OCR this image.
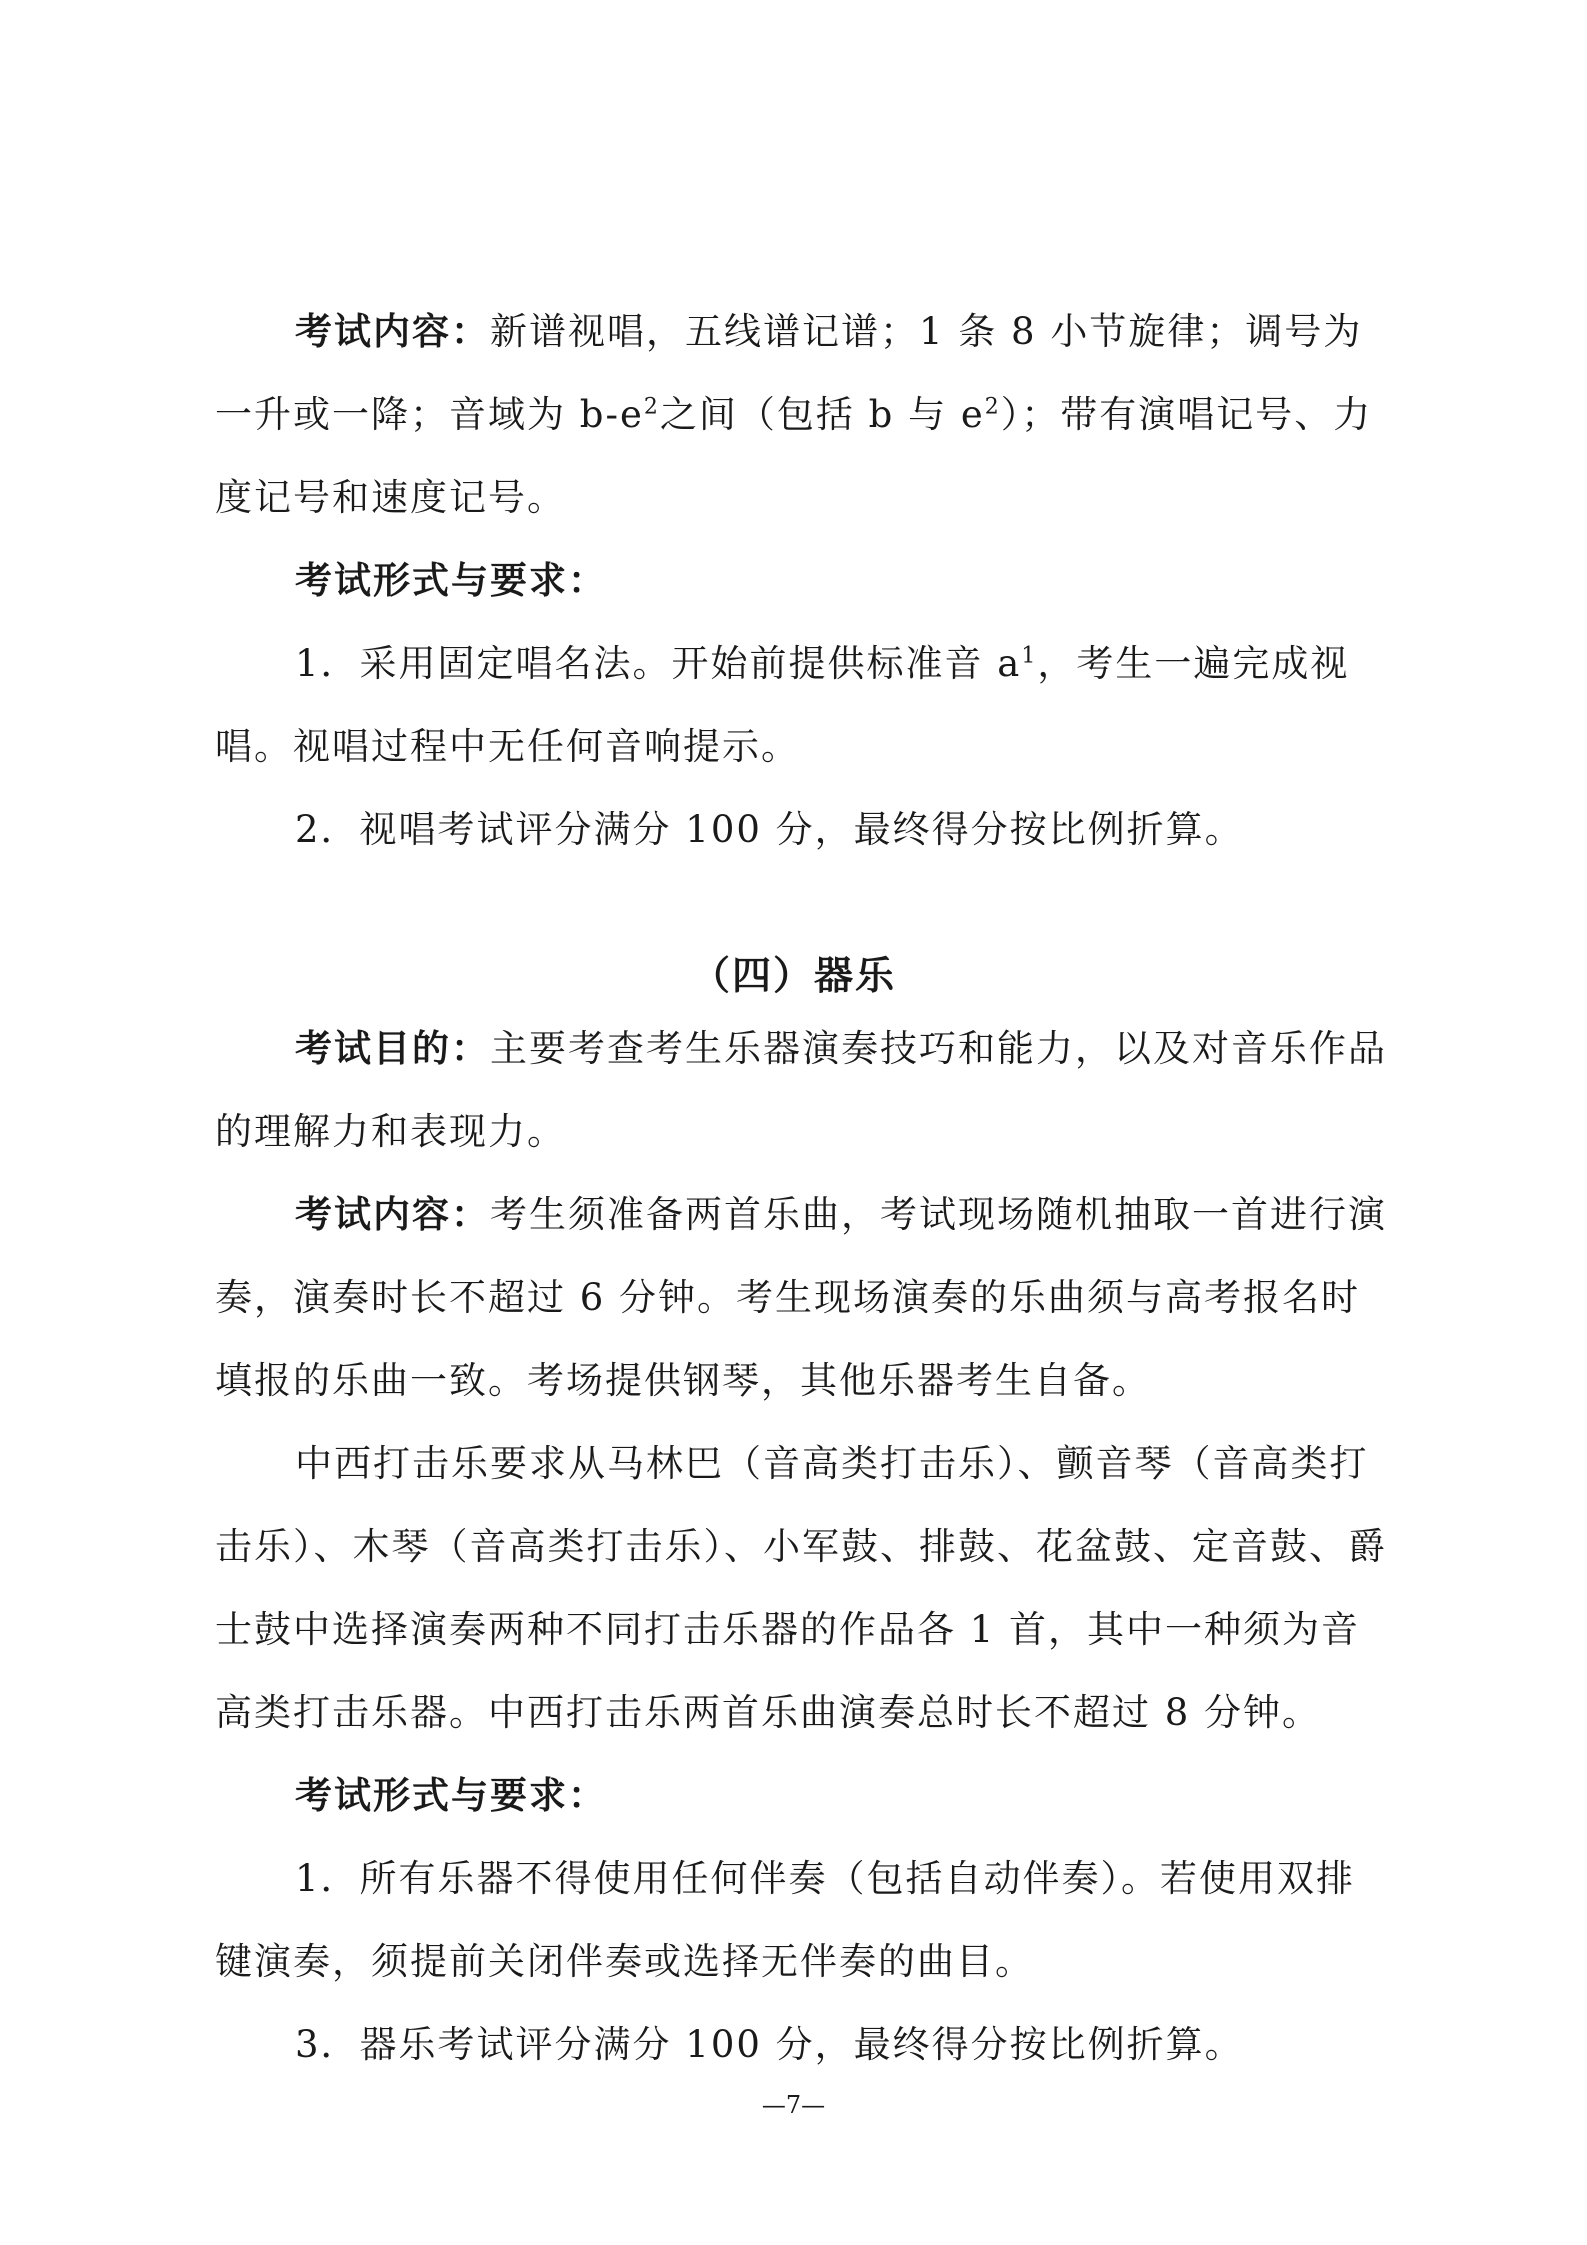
考试内容：新谱视唱，五线谱记谱；1 条 8 小节旋律；调号为一升或一降；音域为 $b-e^2$之间（包括 b 与 $e^2$）；带有演唱记号、力度记号和速度记号。

考试形式与要求：

1．采用固定唱名法。开始前提供标准音 $a^1$，考生一遍完成视唱。视唱过程中无任何音响提示。

2．视唱考试评分满分 100 分，最终得分按比例折算。

（四）器乐

考试目的：主要考查考生乐器演奏技巧和能力，以及对音乐作品的理解力和表现力。

考试内容：考生须准备两首乐曲，考试现场随机抽取一首进行演奏，演奏时长不超过 6 分钟。考生现场演奏的乐曲须与高考报名时填报的乐曲一致。考场提供钢琴，其他乐器考生自备。

中西打击乐要求从马林巴（音高类打击乐）、颤音琴（音高类打击乐）、木琴（音高类打击乐）、小军鼓、排鼓、花盆鼓、定音鼓、爵士鼓中选择演奏两种不同打击乐器的作品各 1 首，其中一种须为音高类打击乐器。中西打击乐两首乐曲演奏总时长不超过 8 分钟。

考试形式与要求：

1．所有乐器不得使用任何伴奏（包括自动伴奏）。若使用双排键演奏，须提前关闭伴奏或选择无伴奏的曲目。

3．器乐考试评分满分 100 分，最终得分按比例折算。

—7—
